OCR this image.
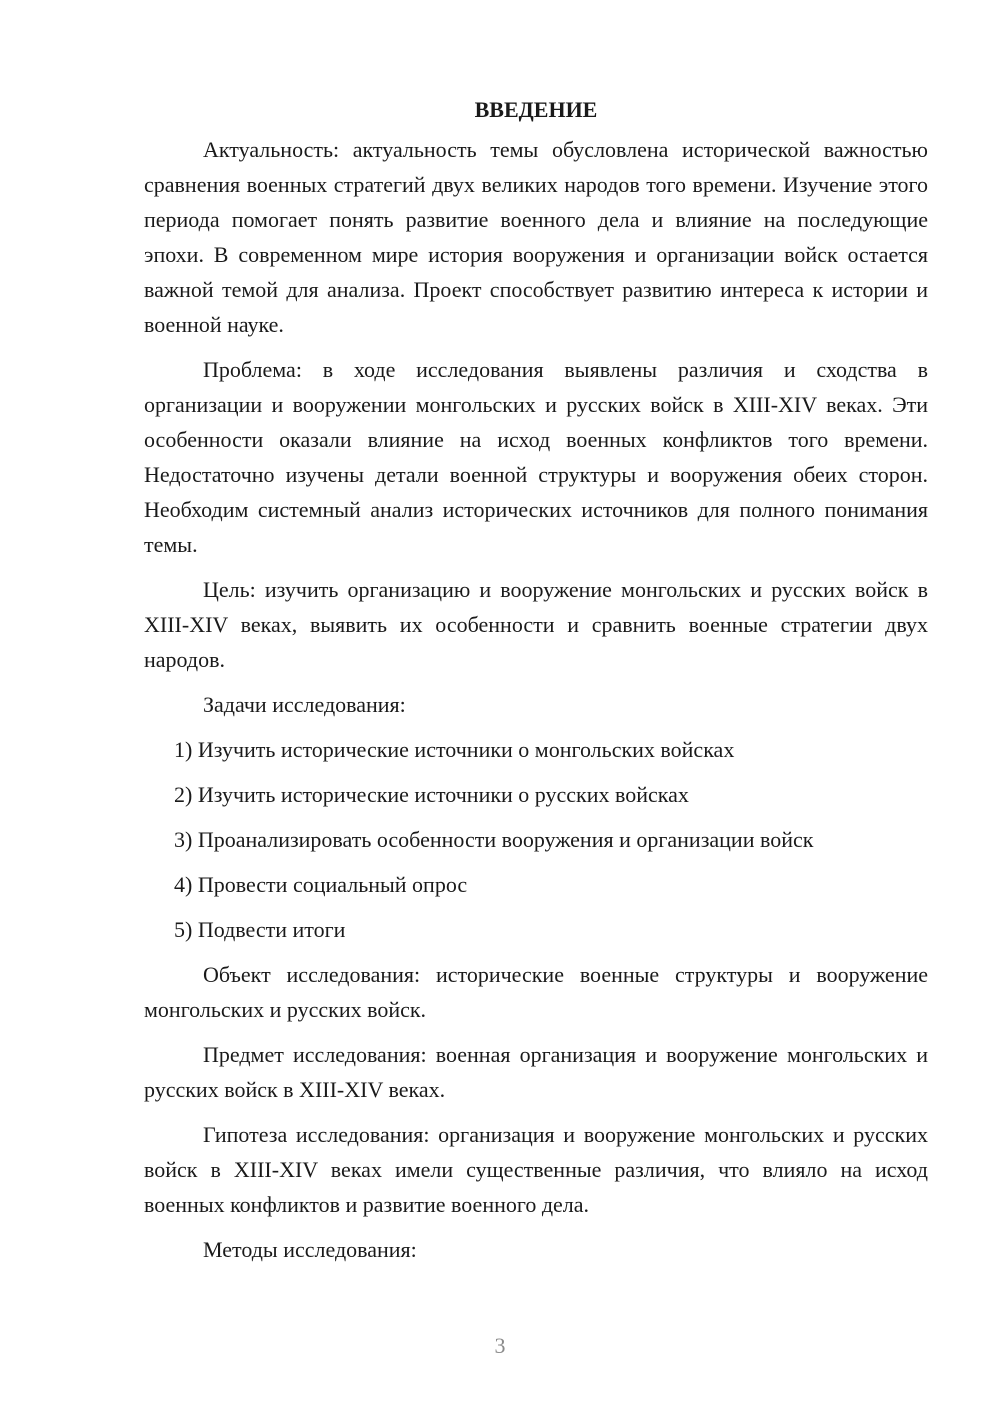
ВВЕДЕНИЕ

Актуальность: актуальность темы обусловлена исторической важностью сравнения военных стратегий двух великих народов того времени. Изучение этого периода помогает понять развитие военного дела и влияние на последующие эпохи. В современном мире история вооружения и организации войск остается важной темой для анализа. Проект способствует развитию интереса к истории и военной науке.

Проблема: в ходе исследования выявлены различия и сходства в организации и вооружении монгольских и русских войск в XIII-XIV веках. Эти особенности оказали влияние на исход военных конфликтов того времени. Недостаточно изучены детали военной структуры и вооружения обеих сторон. Необходим системный анализ исторических источников для полного понимания темы.

Цель: изучить организацию и вооружение монгольских и русских войск в XIII-XIV веках, выявить их особенности и сравнить военные стратегии двух народов.

Задачи исследования:

1) Изучить исторические источники о монгольских войсках
2) Изучить исторические источники о русских войсках
3) Проанализировать особенности вооружения и организации войск
4) Провести социальный опрос
5) Подвести итоги

Объект исследования: исторические военные структуры и вооружение монгольских и русских войск.

Предмет исследования: военная организация и вооружение монгольских и русских войск в XIII-XIV веках.

Гипотеза исследования: организация и вооружение монгольских и русских войск в XIII-XIV веках имели существенные различия, что влияло на исход военных конфликтов и развитие военного дела.

Методы исследования:

3
